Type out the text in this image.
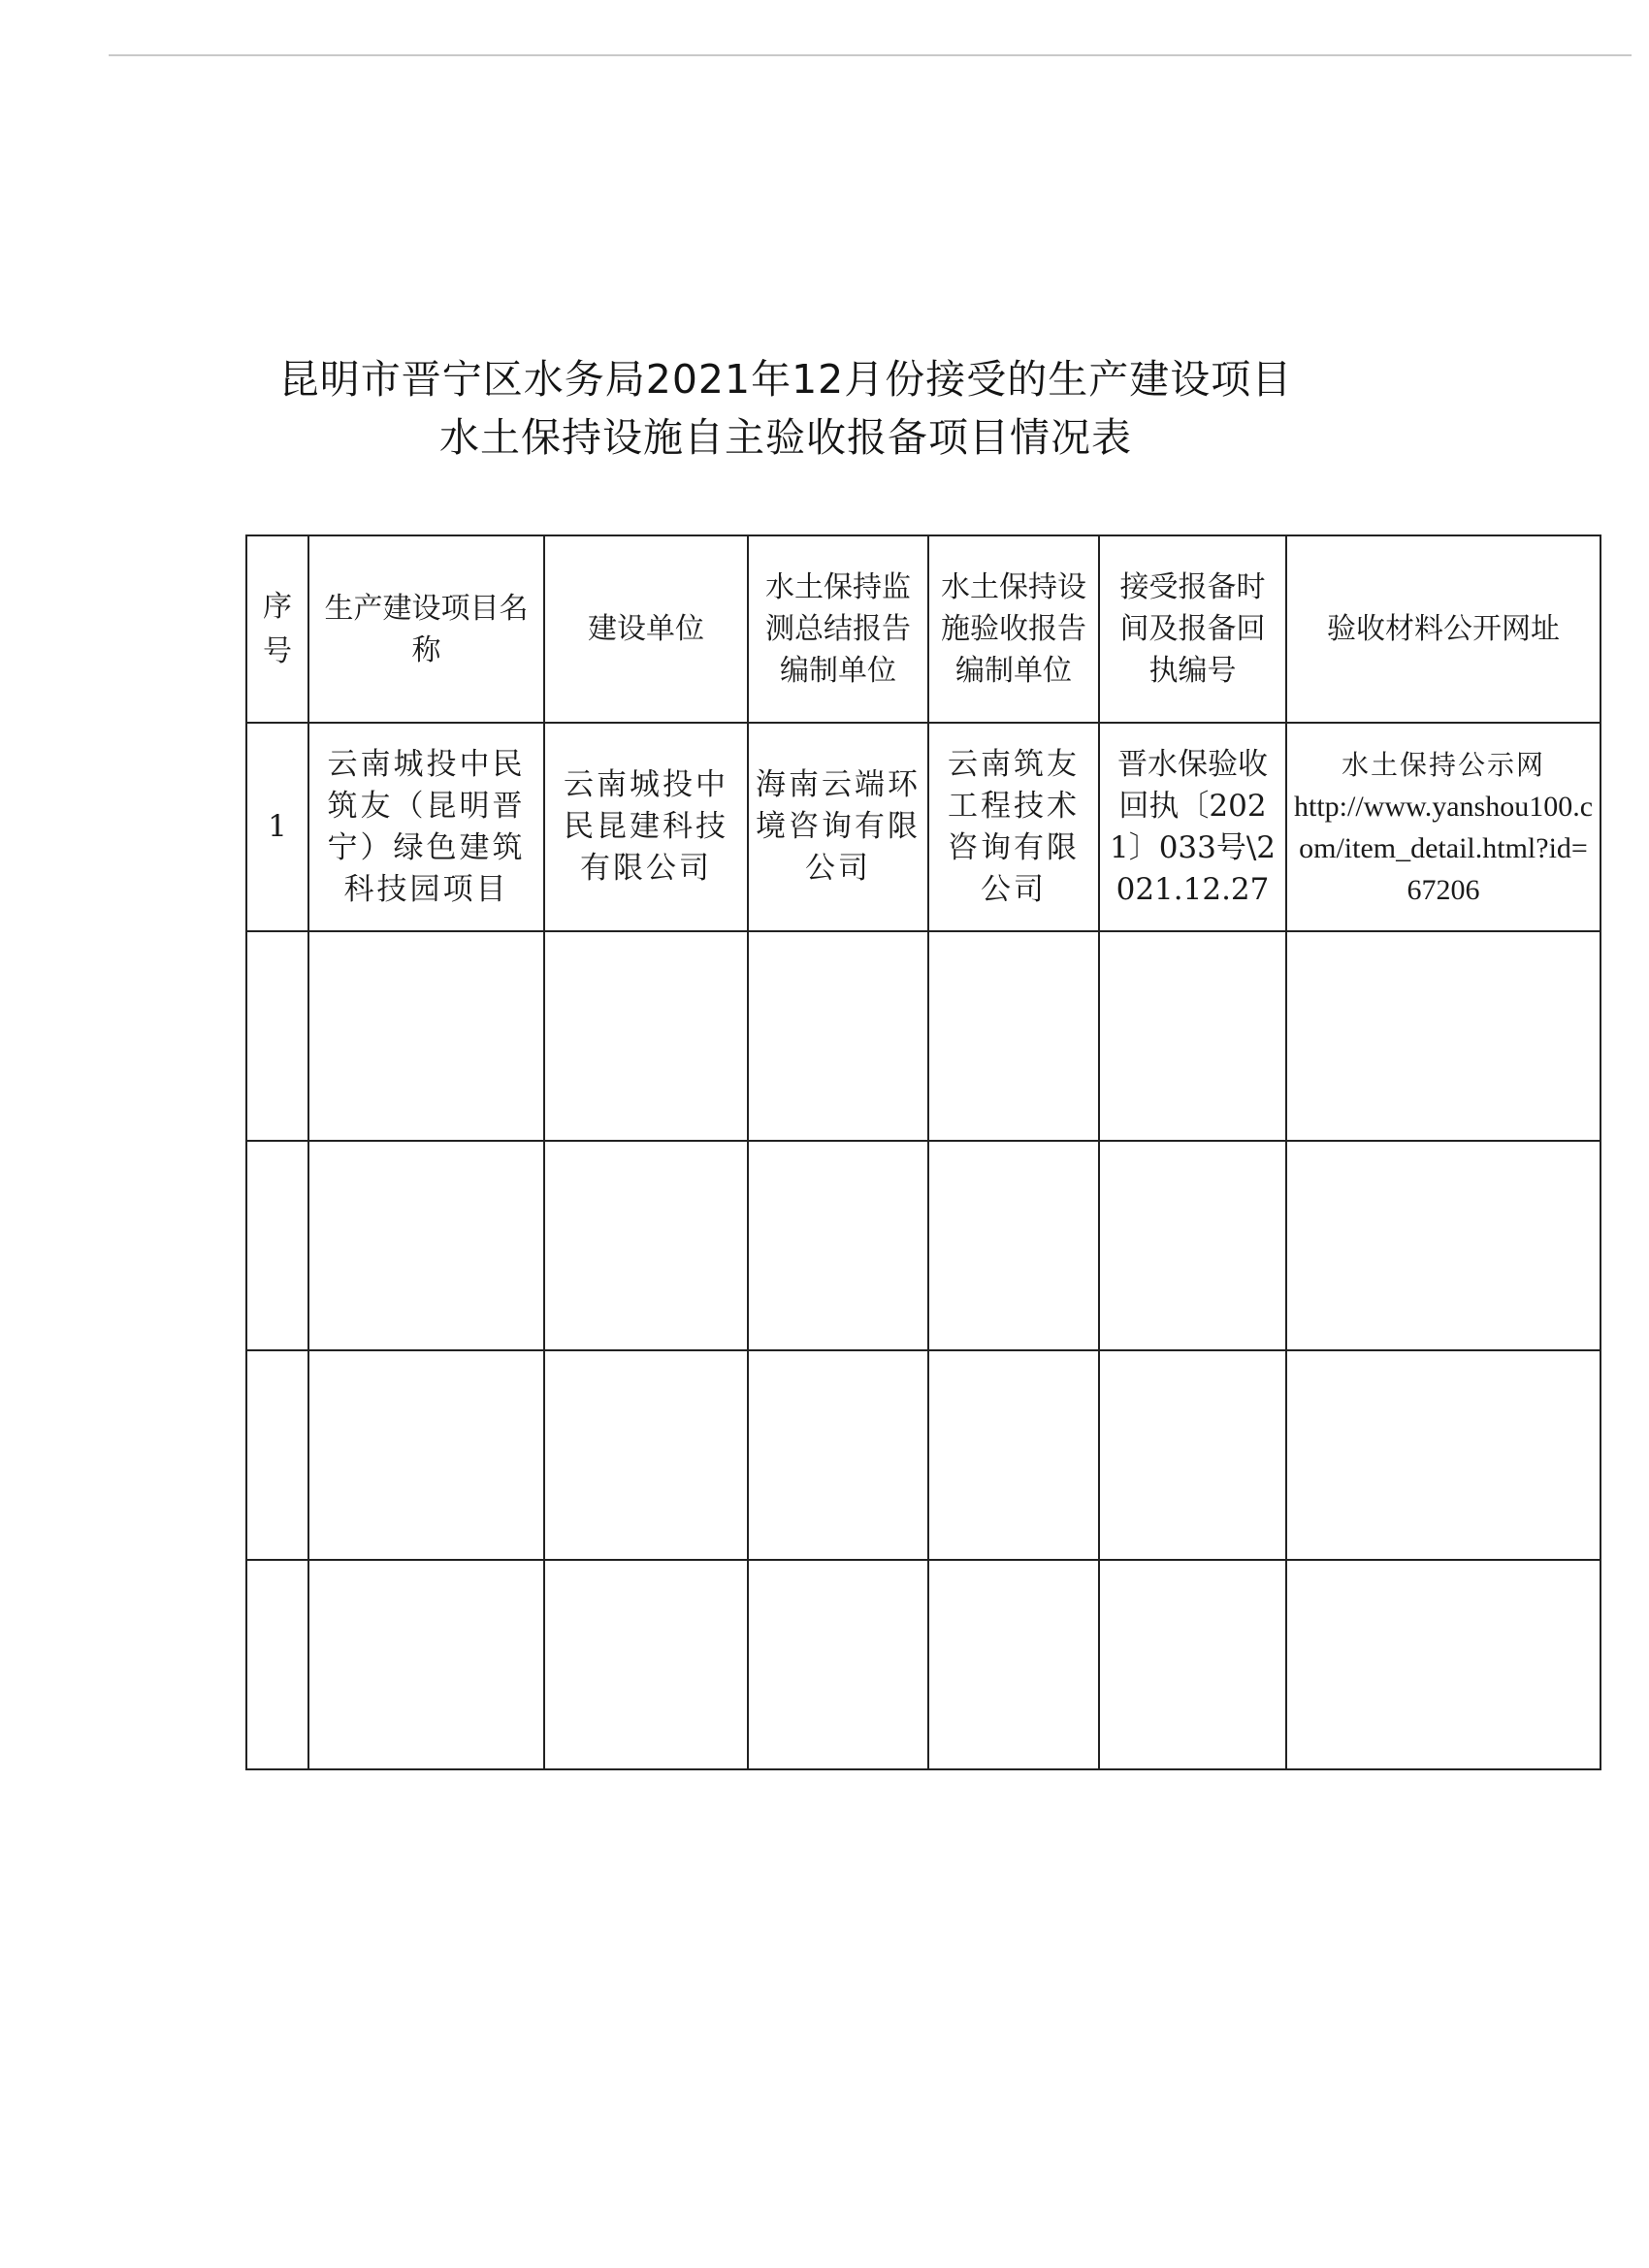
昆明市晋宁区水务局2021年12月份接受的生产建设项目
水土保持设施自主验收报备项目情况表
序号	生产建设项目名称	建设单位	水土保持监测总结报告编制单位	水土保持设施验收报告编制单位	接受报备时间及报备回执编号	验收材料公开网址
1	云南城投中民筑友（昆明晋宁）绿色建筑科技园项目	云南城投中民昆建科技有限公司	海南云端环境咨询有限公司	云南筑友工程技术咨询有限公司	晋水保验收回执〔2021〕033号\2021.12.27	水土保持公示网
http://www.yanshou100.com/item_detail.html?id=67206
